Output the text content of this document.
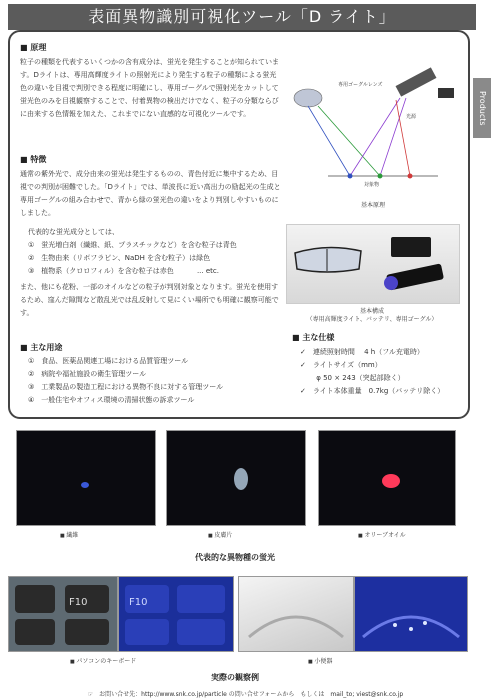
表面異物識別可視化ツール「D ライト」
Products
■ 原理
粒子の種類を代表するいくつかの含有成分は、蛍光を発生することが知られています。Dライトは、専用高輝度ライトの照射光により発生する粒子の種類による蛍光色の違いを目視で判別できる程度に明確にし、専用ゴーグルで照射光をカットして蛍光色のみを目視観察することで、付着異物の検出だけでなく、粒子の分類ならびに由来する色情報を加えた、これまでにない直感的な可視化ツールです。
■ 特徴
通常の紫外光で、成分由来の蛍光は発生するものの、青色付近に集中するため、目視での判別が困難でした。「Dライト」では、単波長に近い高出力の励起光の生成と専用ゴーグルの組み合わせで、青から緑の蛍光色の違いをより判別しやすいものにしました。
代表的な蛍光成分としては、
①　蛍光増白剤（繊維、紙、プラスチックなど）を含む粒子は青色
②　生物由来（リボフラビン、NaDH を含む粒子）は緑色
③　植物系（クロロフィル）を含む粒子は赤色　　　 ... etc.
また、他にも花粉、一部のオイルなどの粒子が判別対象となります。蛍光を使用するため、窪んだ隙間など散乱光では乱反射して見にくい場所でも明確に観察可能です。
■ 主な用途
①　食品、医薬品関連工場における品質管理ツール
②　病院や福祉施設の衛生管理ツール
③　工業製品の製造工程における異物不良に対する管理ツール
④　一般住宅やオフィス環境の清掃状態の訴求ツール
専用ゴーグルレンズ
光源
対象物
基本原理
基本構成
（専用高輝度ライト、バッテリ、専用ゴーグル）
■ 主な仕様
✓　連続照射時間　 4 h（フル充電時）
✓　ライトサイズ（mm）
　　 φ 50 × 243（突起部除く）
✓　ライト本体重量　0.7kg（バッテリ除く）
■ 繊維	■ 皮膚片	■ オリーブオイル
代表的な異物種の蛍光
F10	F10
■ パソコンのキーボード	■ 小便器
実際の観察例
☞　お問い合せ先：http://www.snk.co.jp/particle の問い合せフォームから　もしくは　mail_to; viest@snk.co.jp
